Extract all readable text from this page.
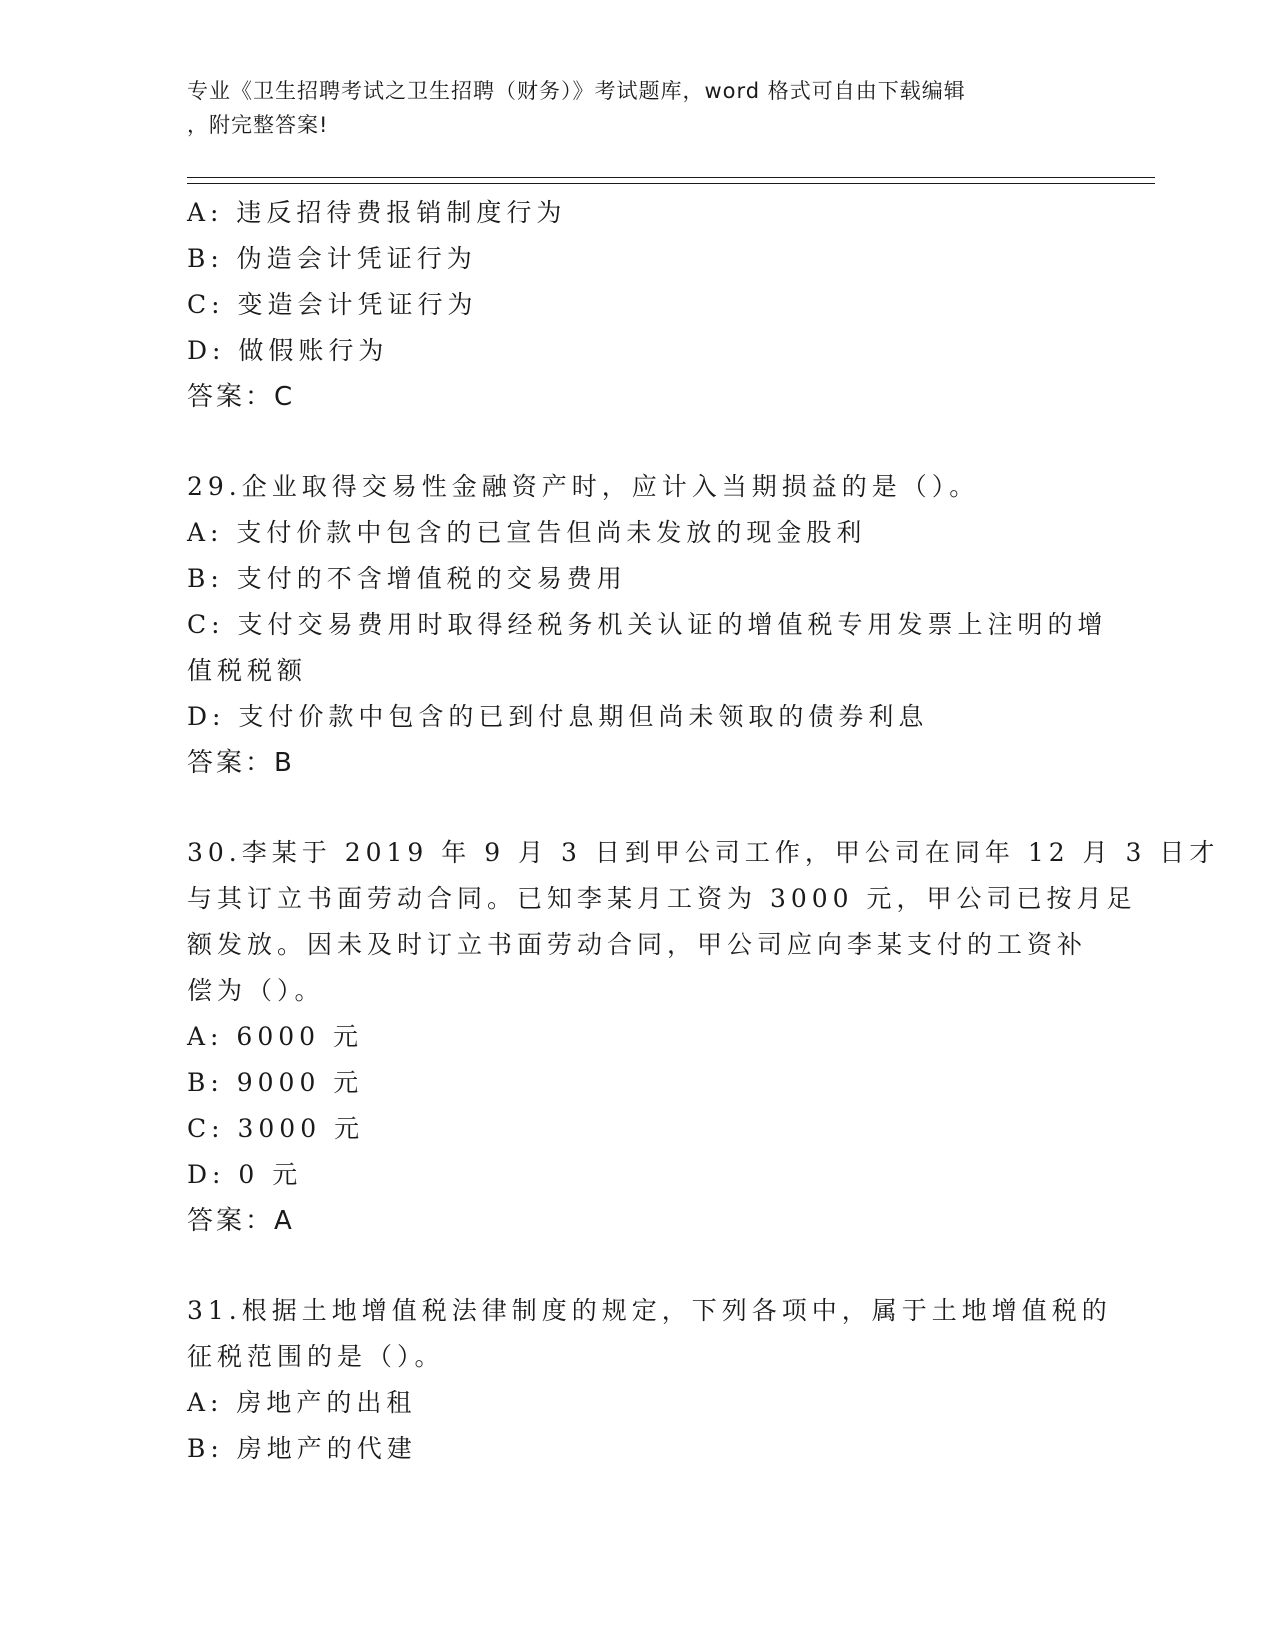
专业《卫生招聘考试之卫生招聘（财务）》考试题库，word 格式可自由下载编辑
，附完整答案!
A: 违反招待费报销制度行为
B: 伪造会计凭证行为
C: 变造会计凭证行为
D: 做假账行为
答案：C
29.企业取得交易性金融资产时，应计入当期损益的是（）。
A: 支付价款中包含的已宣告但尚未发放的现金股利
B: 支付的不含增值税的交易费用
C: 支付交易费用时取得经税务机关认证的增值税专用发票上注明的增
值税税额
D: 支付价款中包含的已到付息期但尚未领取的债券利息
答案：B
30.李某于 2019 年 9 月 3 日到甲公司工作，甲公司在同年 12 月 3 日才
与其订立书面劳动合同。已知李某月工资为 3000 元，甲公司已按月足
额发放。因未及时订立书面劳动合同，甲公司应向李某支付的工资补
偿为（）。
A: 6000 元
B: 9000 元
C: 3000 元
D: 0 元
答案：A
31.根据土地增值税法律制度的规定，下列各项中，属于土地增值税的
征税范围的是（）。
A: 房地产的出租
B: 房地产的代建
